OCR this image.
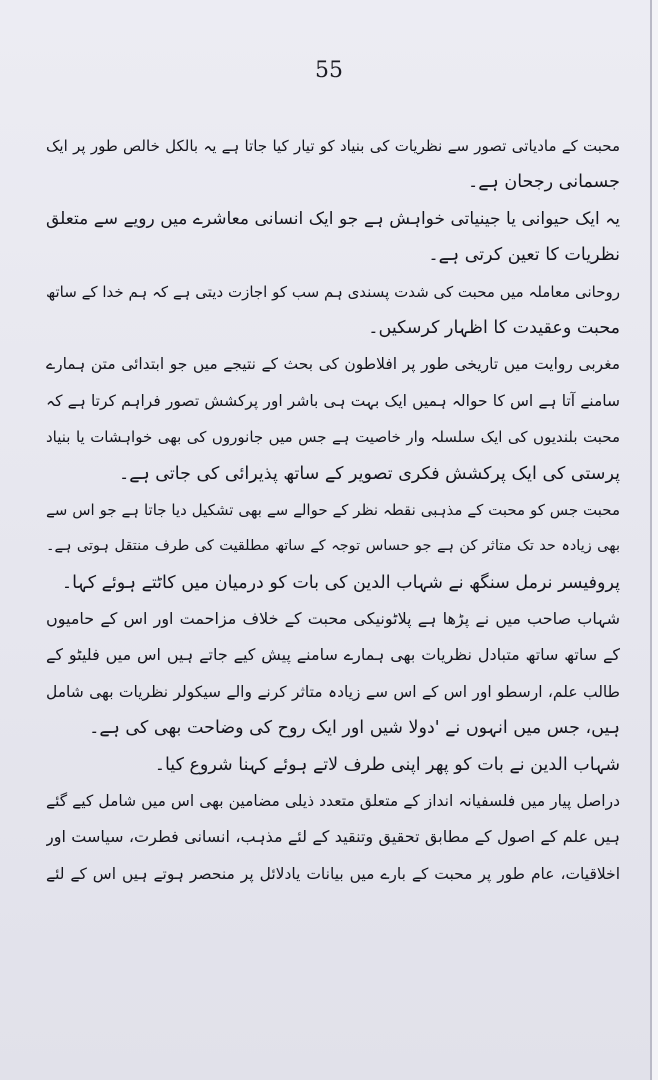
55
محبت کے مادیاتی تصور سے نظریات کی بنیاد کو تیار کیا جاتا ہے یہ بالکل خالص طور پر ایک
جسمانی رجحان ہے۔
یہ ایک حیوانی یا جینیاتی خواہش ہے جو ایک انسانی معاشرے میں رویے سے متعلق
نظریات کا تعین کرتی ہے۔
روحانی معاملہ میں محبت کی شدت پسندی ہم سب کو اجازت دیتی ہے کہ ہم خدا کے ساتھ
محبت وعقیدت کا اظہار کرسکیں۔
مغربی روایت میں تاریخی طور پر افلاطون کی بحث کے نتیجے میں جو ابتدائی متن ہمارے
سامنے آتا ہے اس کا حوالہ ہمیں ایک بہت ہی باشر اور پرکشش تصور فراہم کرتا ہے کہ
محبت بلندیوں کی ایک سلسلہ وار خاصیت ہے جس میں جانوروں کی بھی خواہشات یا بنیاد
پرستی کی ایک پرکشش فکری تصویر کے ساتھ پذیرائی کی جاتی ہے۔
محبت جس کو محبت کے مذہبی نقطہ نظر کے حوالے سے بھی تشکیل دیا جاتا ہے جو اس سے
بھی زیادہ حد تک متاثر کن ہے جو حساس توجہ کے ساتھ مطلقیت کی طرف منتقل ہوتی ہے۔
پروفیسر نرمل سنگھ نے شہاب الدین کی بات کو درمیان میں کاٹتے ہوئے کہا۔
شہاب صاحب میں نے پڑھا ہے پلاٹونیکی محبت کے خلاف مزاحمت اور اس کے حامیوں
کے ساتھ ساتھ متبادل نظریات بھی ہمارے سامنے پیش کیے جاتے ہیں اس میں فلیٹو کے
طالب علم، ارسطو اور اس کے اس سے زیادہ متاثر کرنے والے سیکولر نظریات بھی شامل
ہیں، جس میں انہوں نے 'دولا شیں اور ایک روح کی وضاحت بھی کی ہے۔
شہاب الدین نے بات کو پھر اپنی طرف لاتے ہوئے کہنا شروع کیا۔
دراصل پیار میں فلسفیانہ انداز کے متعلق متعدد ذیلی مضامین بھی اس میں شامل کیے گئے
ہیں علم کے اصول کے مطابق تحقیق وتنقید کے لئے مذہب، انسانی فطرت، سیاست اور
اخلاقیات، عام طور پر محبت کے بارے میں بیانات یادلائل پر منحصر ہوتے ہیں اس کے لئے
